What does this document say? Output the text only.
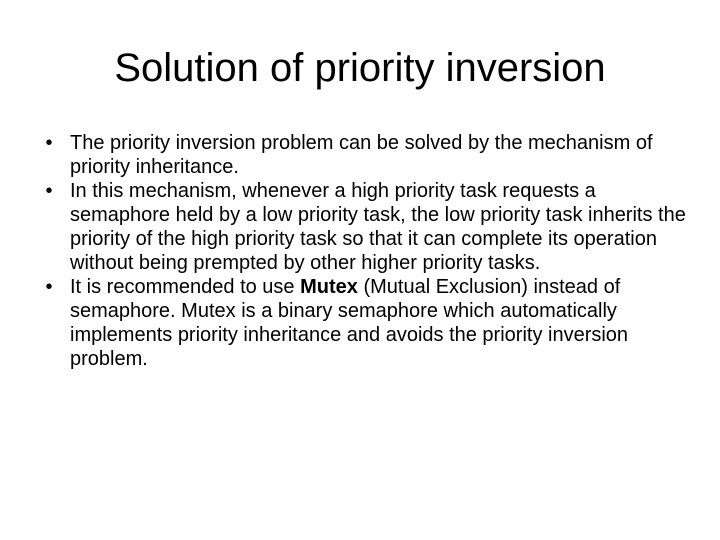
Solution of priority inversion
• The priority inversion problem can be solved by the mechanism of priority inheritance.
• In this mechanism, whenever a high priority task requests a semaphore held by a low priority task, the low priority task inherits the priority of the high priority task so that it can complete its operation without being prempted by other higher priority tasks.
• It is recommended to use Mutex (Mutual Exclusion) instead of semaphore. Mutex is a binary semaphore which automatically implements priority inheritance and avoids the priority inversion problem.
